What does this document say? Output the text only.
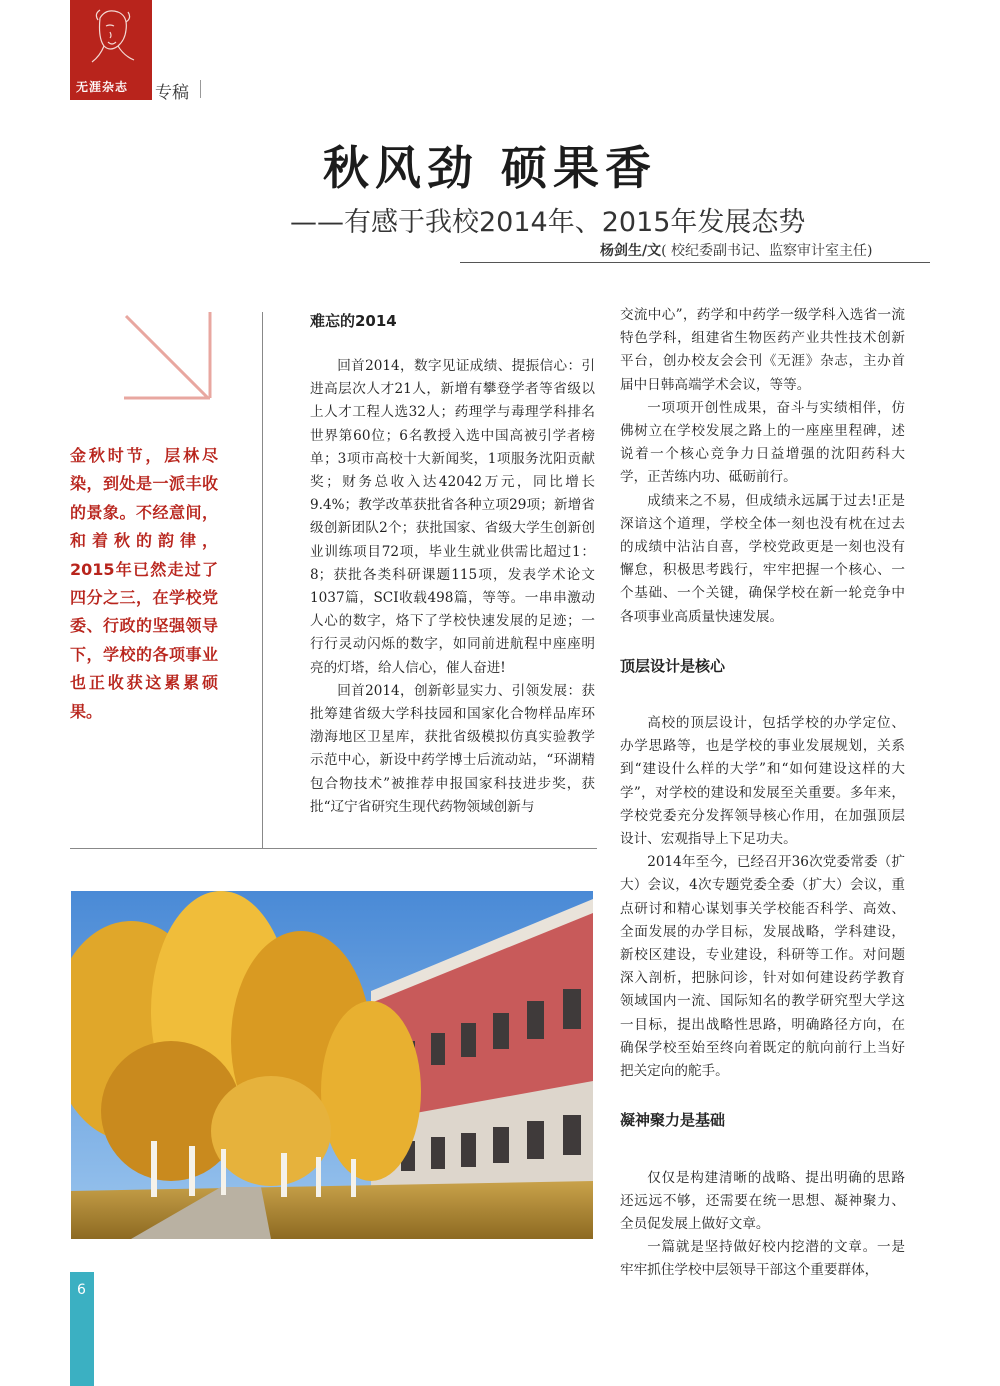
无涯杂志	专稿
秋风劲 硕果香
——有感于我校2014年、2015年发展态势
杨剑生/文( 校纪委副书记、监察审计室主任)
金秋时节，层林尽染，到处是一派丰收的景象。不经意间，和着秋的韵律，2015年已然走过了四分之三，在学校党委、行政的坚强领导下，学校的各项事业也正收获这累累硕果。
难忘的2014

回首2014，数字见证成绩、提振信心：引进高层次人才21人，新增有攀登学者等省级以上人才工程人选32人；药理学与毒理学科排名世界第60位；6名教授入选中国高被引学者榜单；3项市高校十大新闻奖，1项服务沈阳贡献奖；财务总收入达42042万元，同比增长9.4%；教学改革获批省各种立项29项；新增省级创新团队2个；获批国家、省级大学生创新创业训练项目72项，毕业生就业供需比超过1：8；获批各类科研课题115项，发表学术论文1037篇，SCI收载498篇，等等。一串串激动人心的数字，烙下了学校快速发展的足迹；一行行灵动闪烁的数字，如同前进航程中座座明亮的灯塔，给人信心，催人奋进!

回首2014，创新彰显实力、引领发展：获批筹建省级大学科技园和国家化合物样品库环渤海地区卫星库，获批省级模拟仿真实验教学示范中心，新设中药学博士后流动站，“环湖精包合物技术”被推荐申报国家科技进步奖，获批“辽宁省研究生现代药物领域创新与

交流中心”，药学和中药学一级学科入选省一流特色学科，组建省生物医药产业共性技术创新平台，创办校友会会刊《无涯》杂志，主办首届中日韩高端学术会议，等等。

一项项开创性成果，奋斗与实绩相伴，仿佛树立在学校发展之路上的一座座里程碑，述说着一个核心竞争力日益增强的沈阳药科大学，正苦练内功、砥砺前行。

成绩来之不易，但成绩永远属于过去!正是深谙这个道理，学校全体一刻也没有枕在过去的成绩中沾沾自喜，学校党政更是一刻也没有懈怠，积极思考践行，牢牢把握一个核心、一个基础、一个关键，确保学校在新一轮竞争中各项事业高质量快速发展。

顶层设计是核心

高校的顶层设计，包括学校的办学定位、办学思路等，也是学校的事业发展规划，关系到“建设什么样的大学”和“如何建设这样的大学”，对学校的建设和发展至关重要。多年来，学校党委充分发挥领导核心作用，在加强顶层设计、宏观指导上下足功夫。

2014年至今，已经召开36次党委常委（扩大）会议，4次专题党委全委（扩大）会议，重点研讨和精心谋划事关学校能否科学、高效、全面发展的办学目标，发展战略，学科建设，新校区建设，专业建设，科研等工作。对问题深入剖析，把脉问诊，针对如何建设药学教育领域国内一流、国际知名的教学研究型大学这一目标，提出战略性思路，明确路径方向，在确保学校至始至终向着既定的航向前行上当好把关定向的舵手。

凝神聚力是基础

仅仅是构建清晰的战略、提出明确的思路还远远不够，还需要在统一思想、凝神聚力、全员促发展上做好文章。

一篇就是坚持做好校内挖潜的文章。一是牢牢抓住学校中层领导干部这个重要群体，

6
